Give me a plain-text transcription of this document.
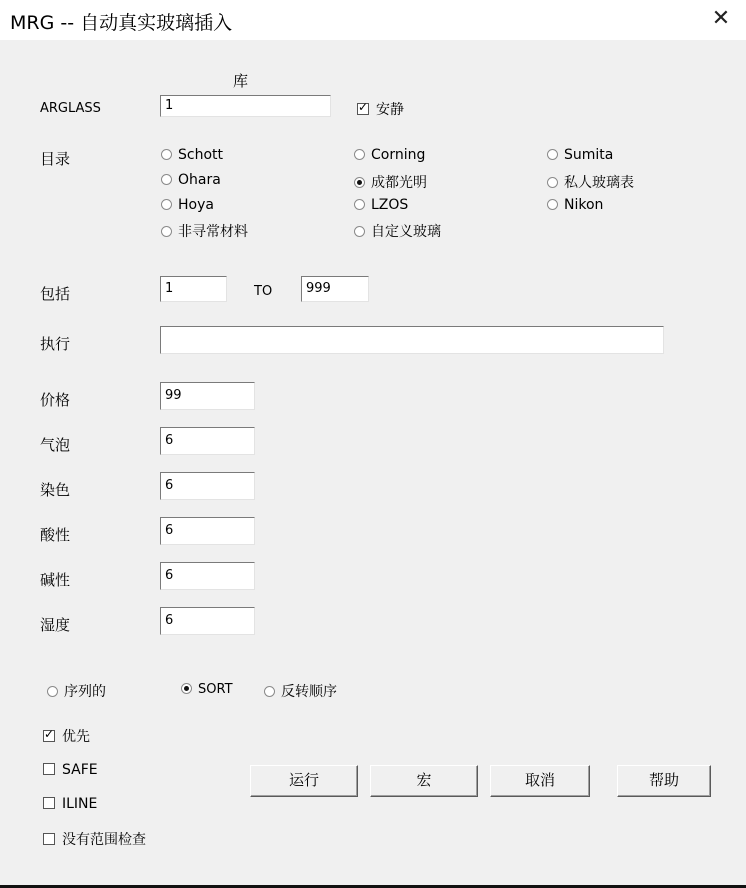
MRG -- 自动真实玻璃插入	✕
库
ARGLASS	1 ✓	安静
目录	Schott	Corning	Sumita
Ohara	成都光明	私人玻璃表
Hoya	LZOS	Nikon
非寻常材料	自定义玻璃
包括	1	TO	999
执行
价格	99
气泡	6
染色	6
酸性	6
碱性	6
湿度	6
序列的	SORT	反转顺序
✓优先
SAFE
ILINE
没有范围检查
运行	宏	取消	帮助
